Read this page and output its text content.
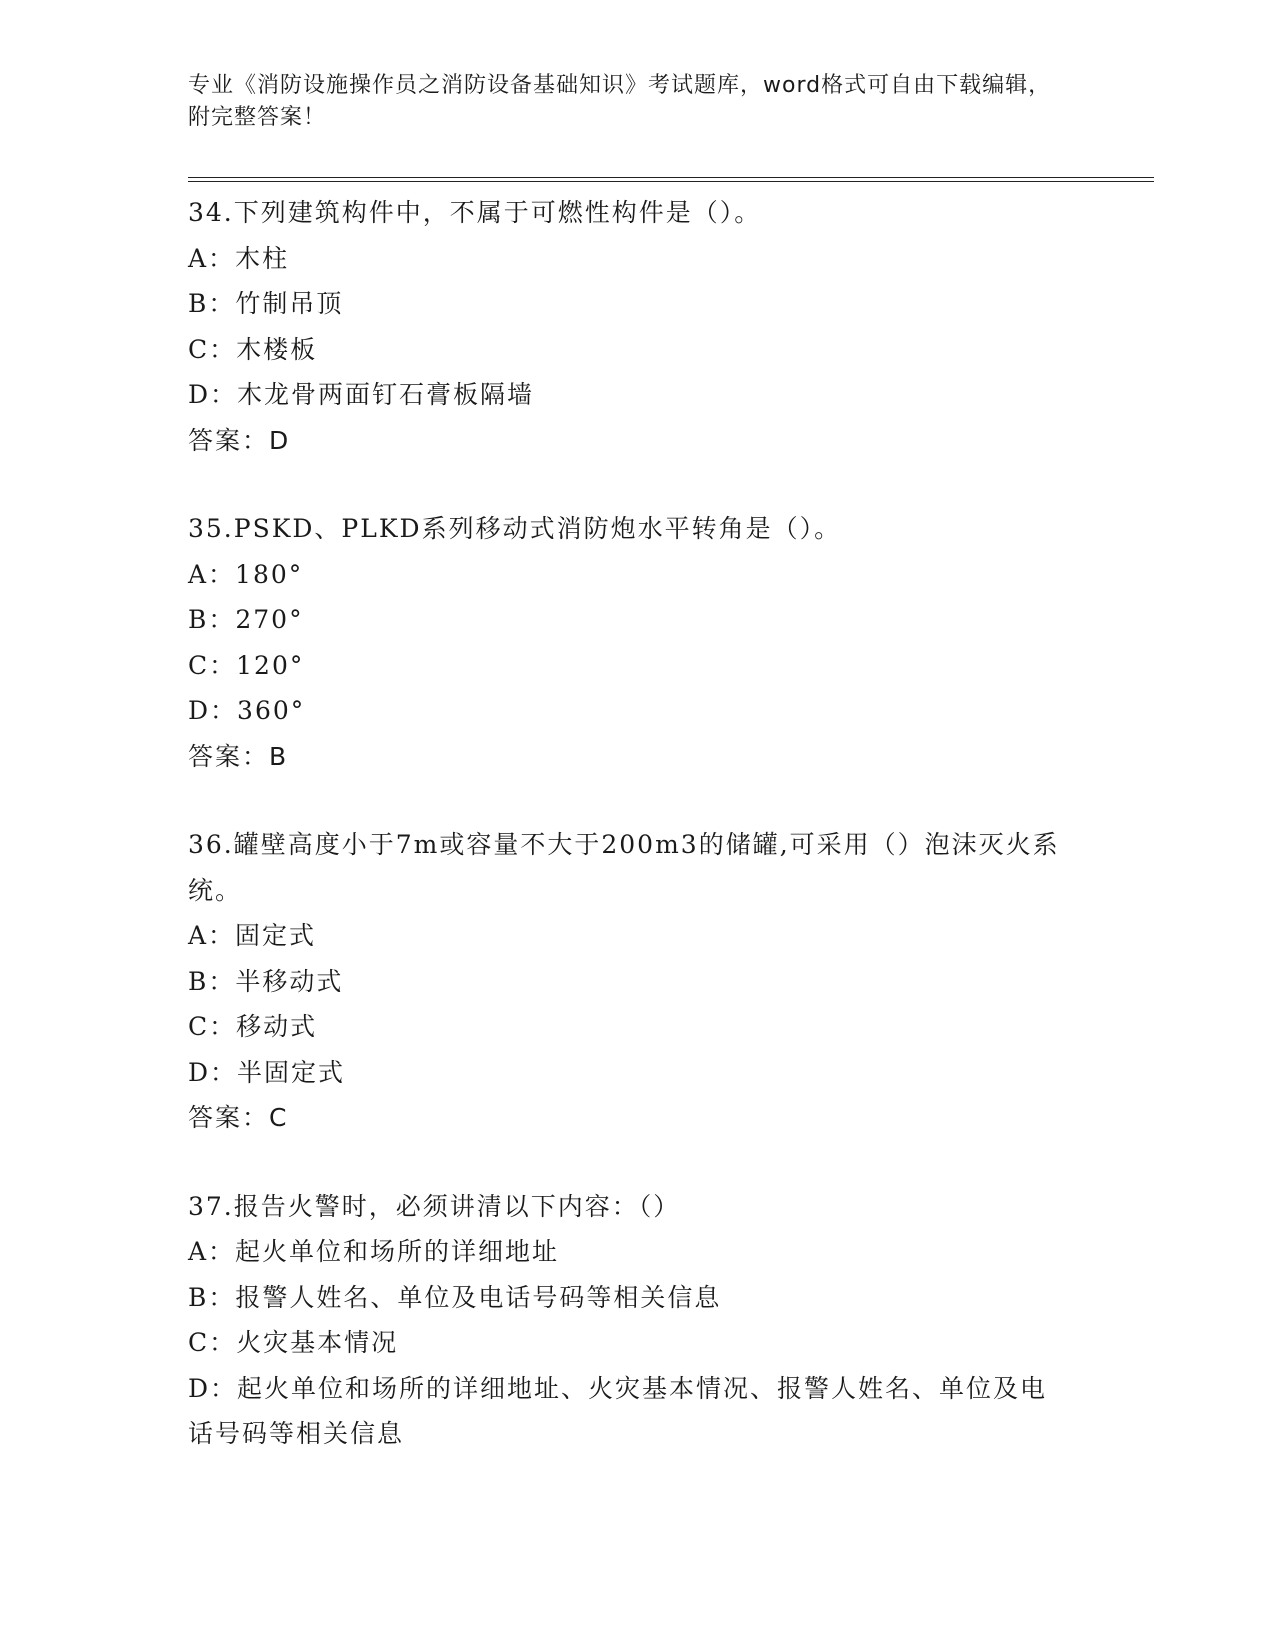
专业《消防设施操作员之消防设备基础知识》考试题库，word格式可自由下载编辑，附完整答案！
34.下列建筑构件中，不属于可燃性构件是（）。
A：木柱
B：竹制吊顶
C：木楼板
D：木龙骨两面钉石膏板隔墙
答案：D
35.PSKD、PLKD系列移动式消防炮水平转角是（）。
A：180°
B：270°
C：120°
D：360°
答案：B
36.罐壁高度小于7m或容量不大于200m3的储罐,可采用（）泡沫灭火系统。
A：固定式
B：半移动式
C：移动式
D：半固定式
答案：C
37.报告火警时，必须讲清以下内容：（）
A：起火单位和场所的详细地址
B：报警人姓名、单位及电话号码等相关信息
C：火灾基本情况
D：起火单位和场所的详细地址、火灾基本情况、报警人姓名、单位及电话号码等相关信息
